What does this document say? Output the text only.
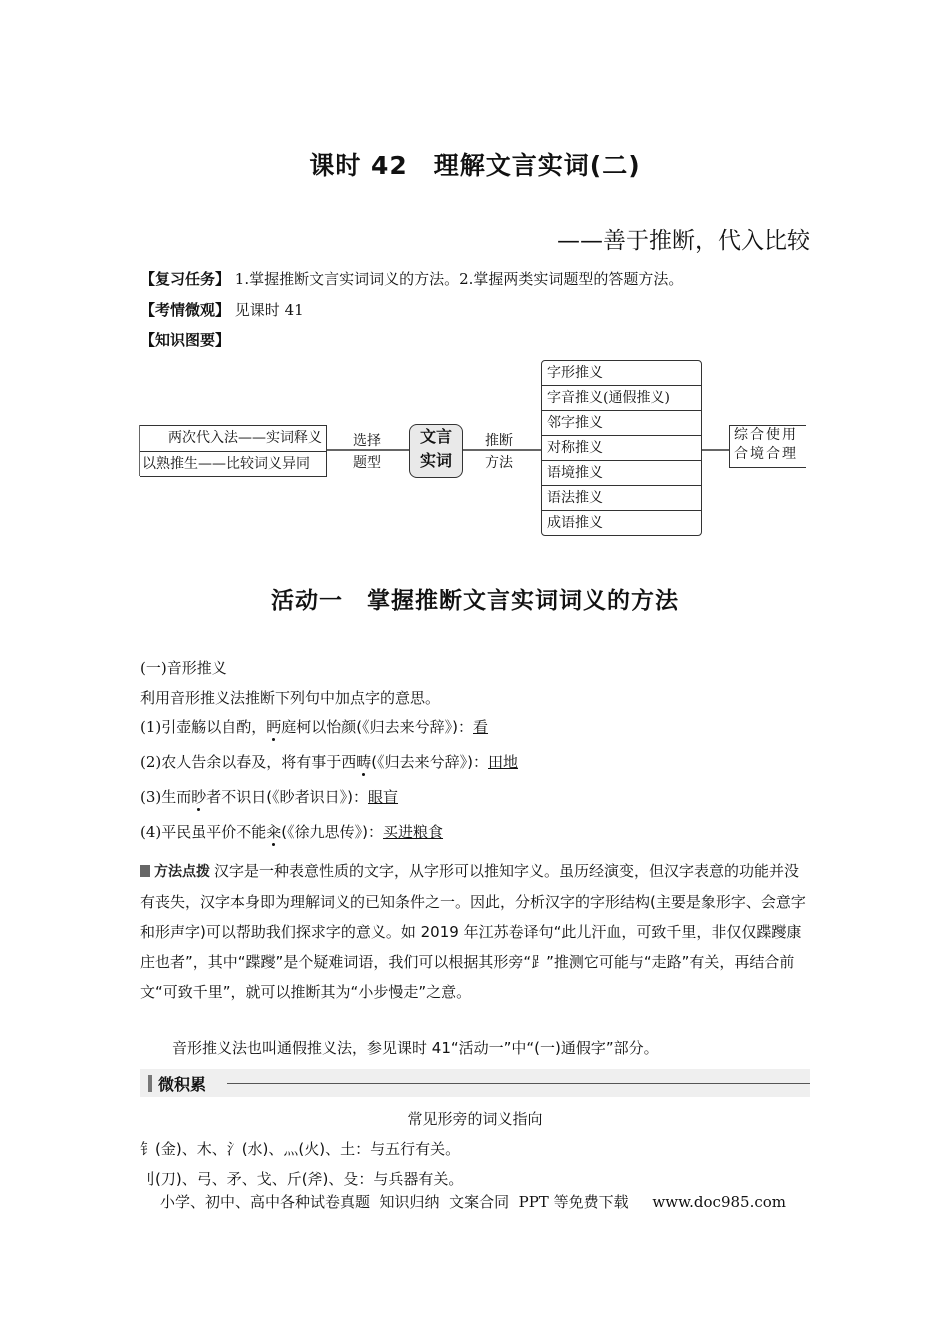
课时 42　理解文言实词(二)
——善于推断，代入比较
【复习任务】 1.掌握推断文言实词词义的方法。2.掌握两类实词题型的答题方法。
【考情微观】 见课时 41
【知识图要】
两次代入法——实词释义
以熟推生——比较词义异同
选择
题型
文言
实词
推断
方法
字形推义
字音推义(通假推义)
邻字推义
对称推义
语境推义
语法推义
成语推义
综合使用
合境合理
活动一　掌握推断文言实词词义的方法
(一)音形推义
利用音形推义法推断下列句中加点字的意思。
(1)引壶觞以自酌，眄庭柯以怡颜(《归去来兮辞》)：看
(2)农人告余以春及，将有事于西畴(《归去来兮辞》)：田地
(3)生而眇者不识日(《眇者识日》)：眼盲
(4)平民虽平价不能籴(《徐九思传》)：买进粮食
方法点拨 汉字是一种表意性质的文字，从字形可以推知字义。虽历经演变，但汉字表意的功能并没有丧失，汉字本身即为理解词义的已知条件之一。因此，分析汉字的字形结构(主要是象形字、会意字和形声字)可以帮助我们探求字的意义。如 2019 年江苏卷译句“此儿汗血，可致千里，非仅仅蹀躞康庄也者”，其中“蹀躞”是个疑难词语，我们可以根据其形旁“⻊”推测它可能与“走路”有关，再结合前文“可致千里”，就可以推断其为“小步慢走”之意。
音形推义法也叫通假推义法，参见课时 41“活动一”中“(一)通假字”部分。
微积累
常见形旁的词义指向
钅(金)、木、氵(水)、灬(火)、土：与五行有关。
刂(刀)、弓、矛、戈、斤(斧)、殳：与兵器有关。
小学、初中、高中各种试卷真题  知识归纳  文案合同  PPT 等免费下载     www.doc985.com
